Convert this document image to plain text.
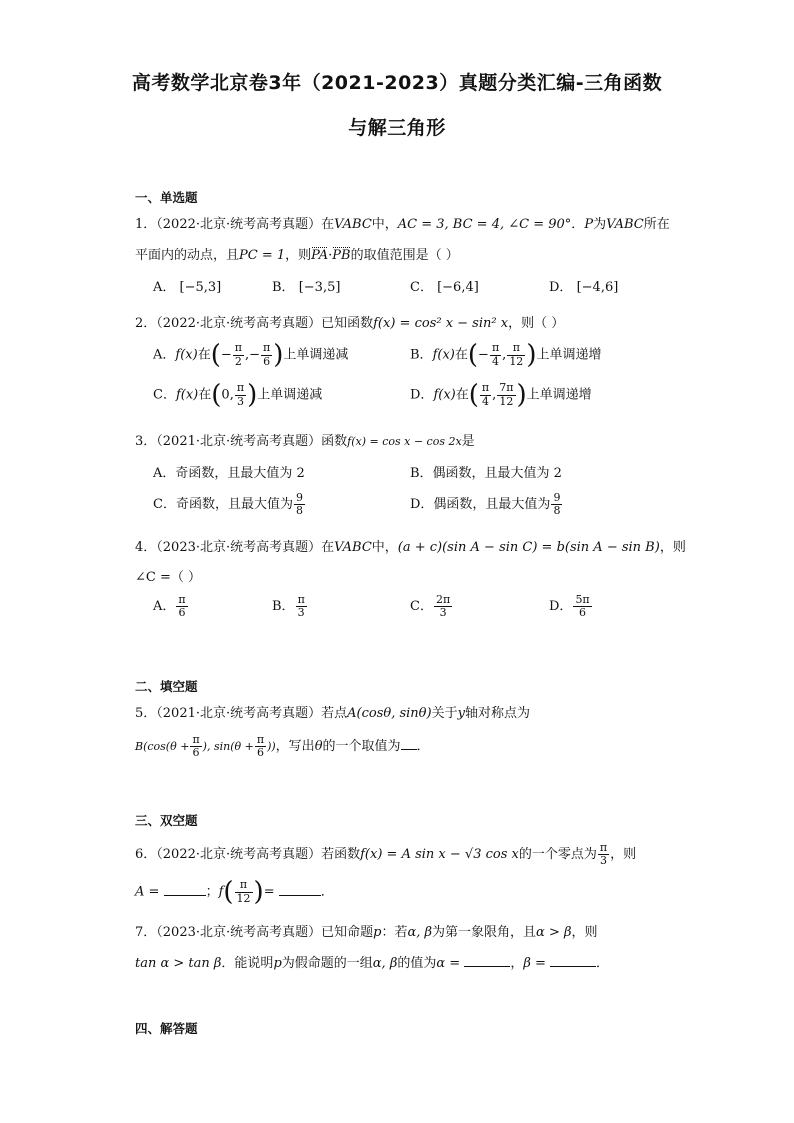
高考数学北京卷3年（2021-2023）真题分类汇编-三角函数
与解三角形
一、单选题
1．（2022·北京·统考高考真题）在VABC中，AC = 3, BC = 4, ∠C = 90°．P为VABC所在
平面内的动点，且PC = 1，则PA·PB的取值范围是（ ）
A． [−5,3]	B． [−3,5]	C． [−6,4]	D． [−4,6]
2．（2022·北京·统考高考真题）已知函数f(x) = cos² x − sin² x，则（ ）
A．f(x)在(− $\frac{\pi}{2}$ ,− $\frac{\pi}{6}$ )上单调递减	B．f(x)在(− $\frac{\pi}{4}$ , $\frac{\pi}{12}$ )上单调递增
C．f(x)在(0, $\frac{\pi}{3}$ )上单调递减	D．f(x)在( $\frac{\pi}{4}$ , $\frac{7\pi}{12}$ )上单调递增
3．（2021·北京·统考高考真题）函数f(x) = cos x − cos 2x是
A．奇函数，且最大值为 2	B．偶函数，且最大值为 2
C．奇函数，且最大值为 $\frac{9}{8}$	D．偶函数，且最大值为 $\frac{9}{8}$
4．（2023·北京·统考高考真题）在VABC中，(a + c)(sin A − sin C) = b(sin A − sin B)，则
∠C =（ ）
A． $\frac{\pi}{6}$	B． $\frac{\pi}{3}$	C． $\frac{2\pi}{3}$	D． $\frac{5\pi}{6}$
二、填空题
5．（2021·北京·统考高考真题）若点A(cosθ, sinθ)关于y轴对称点为
$B(\cos(\theta + \frac{\pi}{6}$ ), $\sin(\theta + \frac{\pi}{6}$ ))，写出θ的一个取值为 ．
三、双空题
6．（2022·北京·统考高考真题）若函数f(x) = A sin x − √3 cos x的一个零点为 $\frac{\pi}{3}$ ，则
A =	；$f( \frac{\pi}{12}$ )=	．
7．（2023·北京·统考高考真题）已知命题p：若α, β为第一象限角，且α > β，则
tan α > tan β．能说明p为假命题的一组α, β的值为α =	，β =	．
四、解答题
